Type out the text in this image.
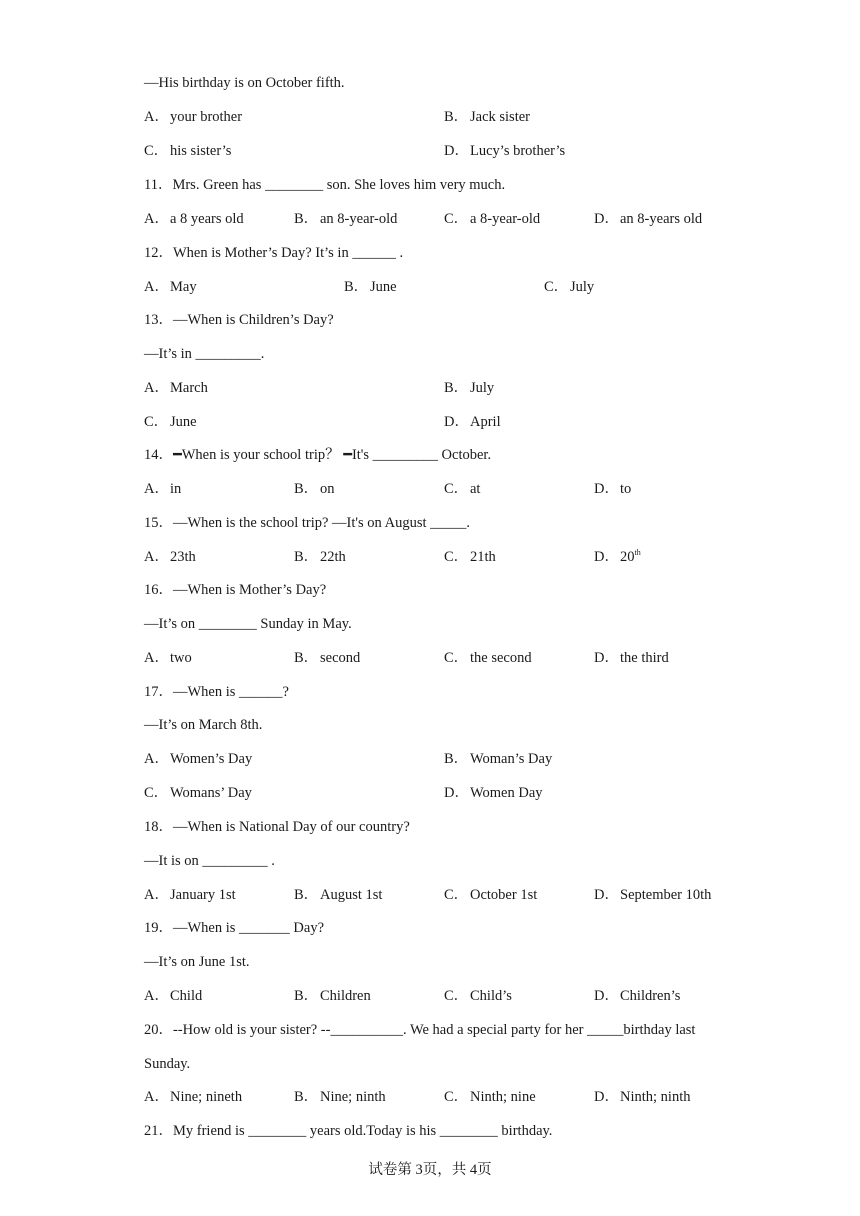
—His birthday is on October fifth.
A．your brother	B． Jack sister
C． his sister’s	D．Lucy’s brother’s
11．Mrs. Green has ________ son. She loves him very much.
A．a 8 years old	B． an 8-year-old	C． a 8-year-old	D．an 8-years old
12．When is Mother’s Day? It’s in ______ .
A．May	B． June	C． July
13．—When is Children’s Day?
—It’s in _________.
A．March	B． July
C． June	D．April
14．━When is your school trip？ ━It's _________ October.
A．in	B． on	C． at	D．to
15．—When is the school trip? —It's on August _____.
A．23th	B． 22th	C． 21th	D．20th
16．—When is Mother’s Day?
—It’s on ________ Sunday in May.
A．two	B． second	C． the second	D．the third
17．—When is ______?
—It’s on March 8th.
A．Women’s Day	B． Woman’s Day
C． Womans’ Day	D．Women Day
18．—When is National Day of our country?
—It is on _________ .
A．January 1st	B． August 1st	C． October 1st	D．September 10th
19．—When is _______ Day?
—It’s on June 1st.
A．Child	B． Children	C． Child’s	D．Children’s
20．--How old is your sister? --__________. We had a special party for her _____birthday last
Sunday.
A．Nine; nineth	B． Nine; ninth	C． Ninth; nine	D．Ninth; ninth
21．My friend is ________ years old.Today is his ________ birthday.
试卷第 3页，共 4页
